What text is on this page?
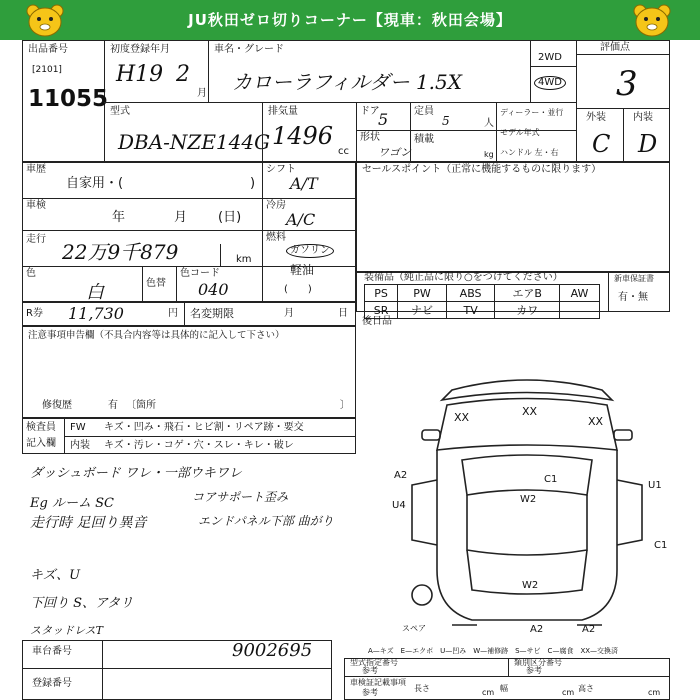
JU秋田ゼロ切りコーナー【現車：秋田会場】
出品番号
[2101]
11055
初度登録年月
H19 2
月
車名・グレード
カローラフィルダー 1.5X
2WD
4WD
評価点
3
外装	内装
C D
型式
DBA-NZE144G
排気量
1496
cc
ドア
5
形状
ワゴン
定員
5	人
積載
kg
ディーラー・並行
モデル年式
ハンドル 左・右
車歴
自家用・(	)
シフト
A/T
車検
年	月 (日)
冷房
A/C
走行
22万9千879	km
燃料
ガソリン
軽油
(　　)
色
白	色替
色コード
040
セールスポイント（正常に機能するものに限ります）
装備品（純正品に限り○をつけてください）
PS	PW	ABS	エアB	AW
SR	ナビ	TV	カワ	
新車保証書
有・無
後日品
R券 11,730	円 名変期限	月	日
注意事項申告欄（不具合内容等は具体的に記入して下さい）
修復歴	有 〔箇所	〕
検査員
記入欄
FW キズ・凹み・飛石・ヒビ割・リペア跡・要交
内装 キズ・汚レ・コゲ・穴・スレ・キレ・破レ
ダッシュボード ワレ・一部ウキワレ
Eg ルーム SC
走行時 足回り異音
キズ、U
下回り S、アタリ
スタッドレスT
コアサポート歪み
エンドパネル下部 曲がり
XX	XX
XX
A2	C1
U1
U4
W2
C1
W2
A2	A2
スペア
A—キズ　E—エクボ　U—凹み　W—補修跡　S—サビ　C—腐食　XX—交換済
車台番号	9002695
登録番号
型式指定番号
参考
類別区分番号
参考
車検証記載事項
参考	長さ	cm 幅	cm 高さ	cm
